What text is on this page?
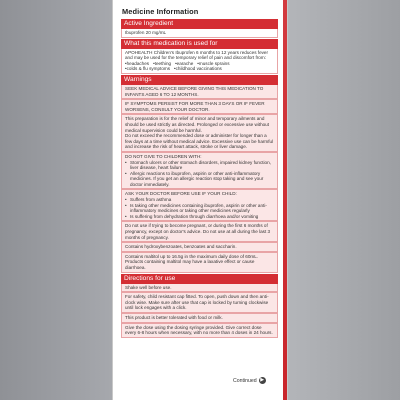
Medicine Information
Active Ingredient
Ibuprofen 20 mg/mL
What this medication is used for
APOHEALTH Children's Ibuprofen 6 months to 12 years reduces fever and may be used for the temporary relief of pain and discomfort from:
• headaches	• teething	• earache	• muscle sprains
• colds & flu symptoms	• childhood vaccinations
Warnings
SEEK MEDICAL ADVICE BEFORE GIVING THIS MEDICATION TO INFANTS AGED 6 TO 12 MONTHS.
IF SYMPTOMS PERSIST FOR MORE THAN 3 DAYS OR IF FEVER WORSENS, CONSULT YOUR DOCTOR.
This preparation is for the relief of minor and temporary ailments and should be used strictly as directed. Prolonged or excessive use without medical supervision could be harmful.
Do not exceed the recommended dose or administer for longer than a few days at a time without medical advice. Excessive use can be harmful and increase the risk of heart attack, stroke or liver damage.
DO NOT GIVE TO CHILDREN WITH:
• Stomach ulcers or other stomach disorders, impaired kidney function, liver disease, heart failure
• Allergic reactions to ibuprofen, aspirin or other anti-inflammatory medicines. If you get an allergic reaction stop taking and see your doctor immediately.
ASK YOUR DOCTOR BEFORE USE IF YOUR CHILD:
• Suffers from asthma
• Is taking other medicines containing ibuprofen, aspirin or other anti-inflammatory medicines or taking other medicines regularly
• Is suffering from dehydration through diarrhoea and/or vomiting
Do not use if trying to become pregnant, or during the first 6 months of pregnancy, except on doctor's advice. Do not use at all during the last 3 months of pregnancy.
Contains hydroxybenzoates, benzoates and saccharin.
Contains maltitol up to 16.5g in the maximum daily dose of 60mL. Products containing maltitol may have a laxative effect or cause diarrhoea.
Directions for use
Shake well before use.
For safety, child resistant cap fitted. To open, push down and then anti-clock wise. Make sure after use that cap is locked by turning clockwise until lock engages with a click.
This product is better tolerated with food or milk.
Give the dose using the dosing syringe provided. Give correct dose every 6-8 hours when necessary, with no more than 4 doses in 24 hours.
Continued ▶
